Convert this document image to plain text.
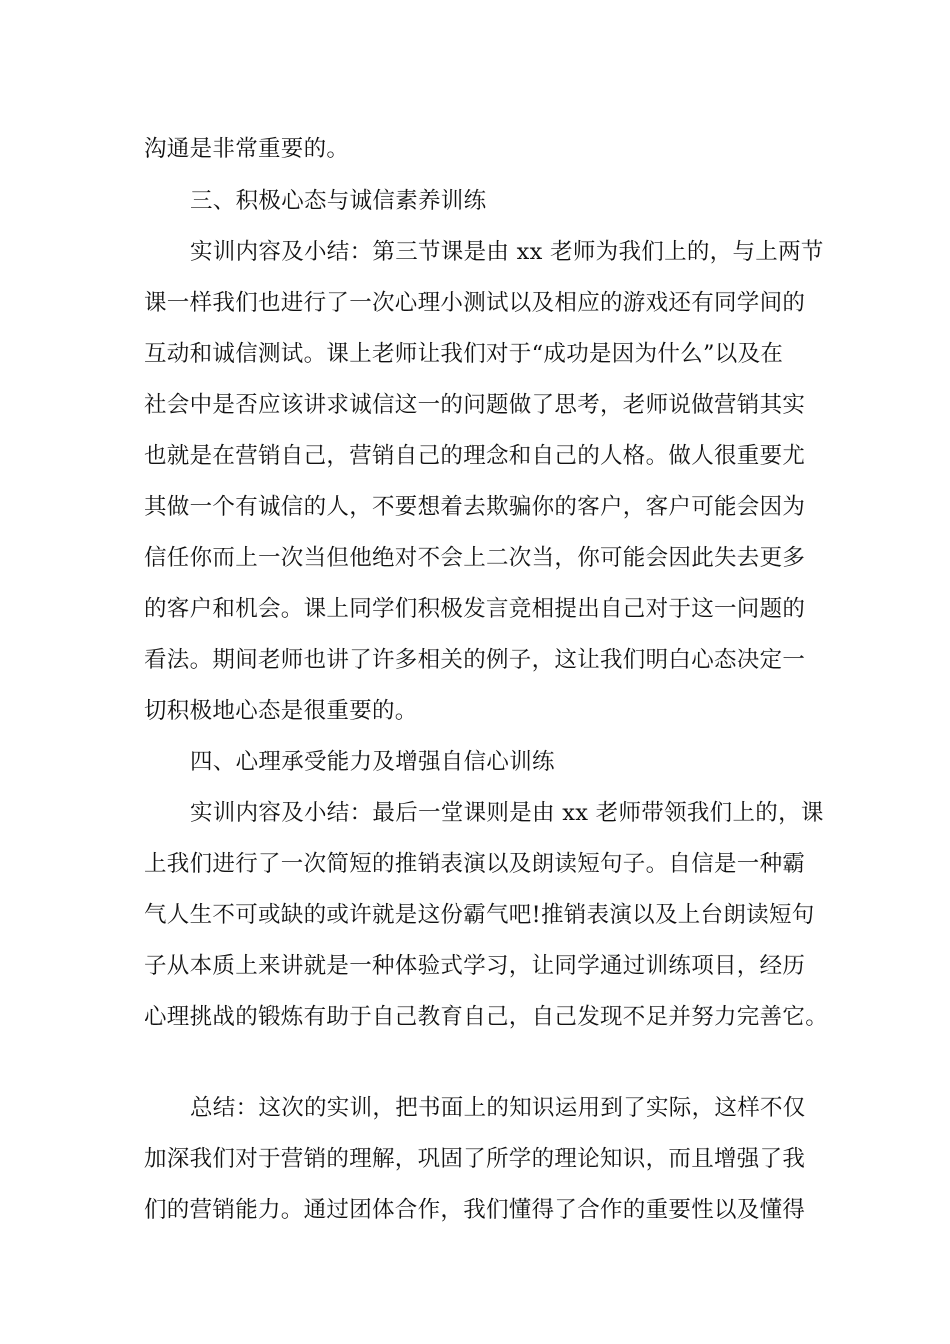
沟通是非常重要的。
三、积极心态与诚信素养训练
实训内容及小结：第三节课是由 xx 老师为我们上的，与上两节
课一样我们也进行了一次心理小测试以及相应的游戏还有同学间的
互动和诚信测试。课上老师让我们对于“成功是因为什么”以及在
社会中是否应该讲求诚信这一的问题做了思考，老师说做营销其实
也就是在营销自己，营销自己的理念和自己的人格。做人很重要尤
其做一个有诚信的人，不要想着去欺骗你的客户，客户可能会因为
信任你而上一次当但他绝对不会上二次当，你可能会因此失去更多
的客户和机会。课上同学们积极发言竞相提出自己对于这一问题的
看法。期间老师也讲了许多相关的例子，这让我们明白心态决定一
切积极地心态是很重要的。
四、心理承受能力及增强自信心训练
实训内容及小结：最后一堂课则是由 xx 老师带领我们上的，课
上我们进行了一次简短的推销表演以及朗读短句子。自信是一种霸
气人生不可或缺的或许就是这份霸气吧!推销表演以及上台朗读短句
子从本质上来讲就是一种体验式学习，让同学通过训练项目，经历
心理挑战的锻炼有助于自己教育自己，自己发现不足并努力完善它。
总结：这次的实训，把书面上的知识运用到了实际，这样不仅
加深我们对于营销的理解，巩固了所学的理论知识，而且增强了我
们的营销能力。通过团体合作，我们懂得了合作的重要性以及懂得
